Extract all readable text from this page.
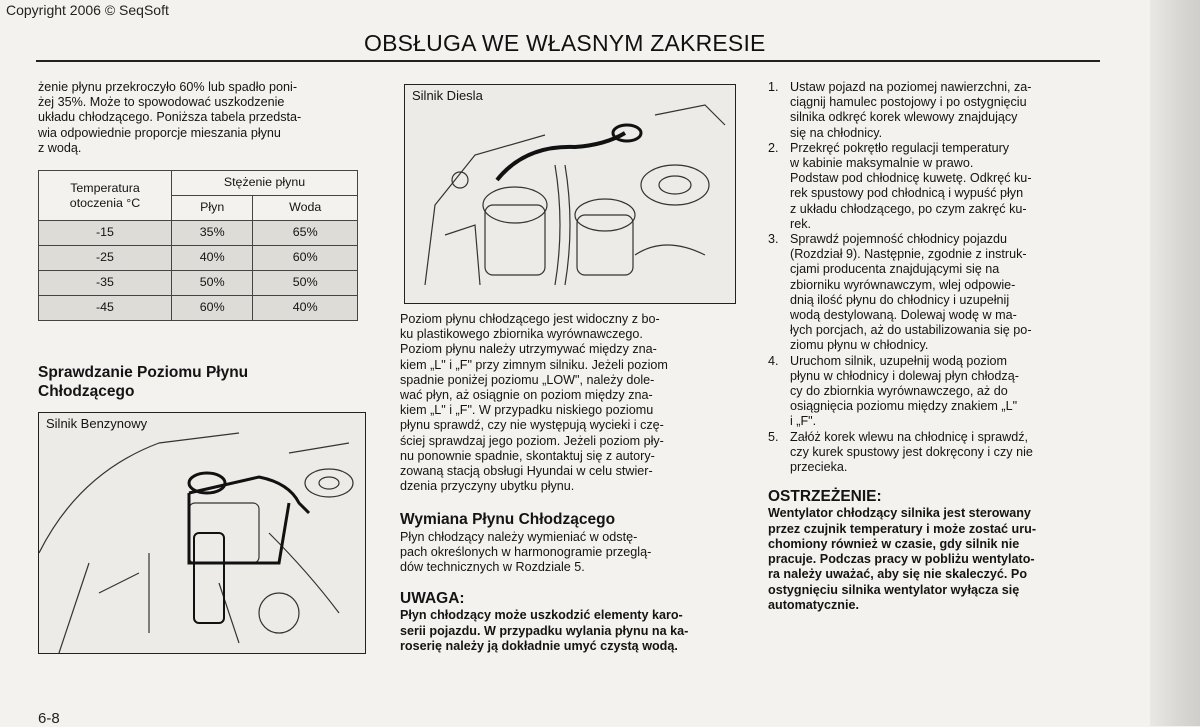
Copyright 2006 © SeqSoft
OBSŁUGA WE WŁASNYM ZAKRESIE
żenie płynu przekroczyło 60% lub spadło poni-
żej 35%. Może to spowodować uszkodzenie
układu chłodzącego. Poniższa tabela przedsta-
wia odpowiednie proporcje mieszania płynu
z wodą.
Temperatura
otoczenia °C	Stężenie płynu	
	Płyn	Woda
-15	35%	65%
-25	40%	60%
-35	50%	50%
-45	60%	40%
Sprawdzanie Poziomu Płynu
Chłodzącego
Silnik Diesla
Silnik Benzynowy
Poziom płynu chłodzącego jest widoczny z bo-
ku plastikowego zbiornika wyrównawczego.
Poziom płynu należy utrzymywać między zna-
kiem „L" i „F" przy zimnym silniku. Jeżeli poziom
spadnie poniżej poziomu „LOW", należy dole-
wać płyn, aż osiągnie on poziom między zna-
kiem „L" i „F". W przypadku niskiego poziomu
płynu sprawdź, czy nie występują wycieki i czę-
ściej sprawdzaj jego poziom. Jeżeli poziom pły-
nu ponownie spadnie, skontaktuj się z autory-
zowaną stacją obsługi Hyundai w celu stwier-
dzenia przyczyny ubytku płynu.
Wymiana Płynu Chłodzącego
Płyn chłodzący należy wymieniać w odstę-
pach określonych w harmonogramie przeglą-
dów technicznych w Rozdziale 5.
UWAGA:
Płyn chłodzący może uszkodzić elementy karo-
serii pojazdu. W przypadku wylania płynu na ka-
roserię należy ją dokładnie umyć czystą wodą.
1. Ustaw pojazd na poziomej nawierzchni, za-
ciągnij hamulec postojowy i po ostygnięciu
silnika odkręć korek wlewowy znajdujący
się na chłodnicy.
2. Przekręć pokrętło regulacji temperatury
w kabinie maksymalnie w prawo.
Podstaw pod chłodnicę kuwetę. Odkręć ku-
rek spustowy pod chłodnicą i wypuść płyn
z układu chłodzącego, po czym zakręć ku-
rek.
3. Sprawdź pojemność chłodnicy pojazdu
(Rozdział 9). Następnie, zgodnie z instruk-
cjami producenta znajdującymi się na
zbiorniku wyrównawczym, wlej odpowie-
dnią ilość płynu do chłodnicy i uzupełnij
wodą destylowaną. Dolewaj wodę w ma-
łych porcjach, aż do ustabilizowania się po-
ziomu płynu w chłodnicy.
4. Uruchom silnik, uzupełnij wodą poziom
płynu w chłodnicy i dolewaj płyn chłodzą-
cy do zbiornkia wyrównawczego, aż do
osiągnięcia poziomu między znakiem „L"
i „F".
5. Załóż korek wlewu na chłodnicę i sprawdź,
czy kurek spustowy jest dokręcony i czy nie
przecieka.
OSTRZEŻENIE:
Wentylator chłodzący silnika jest sterowany
przez czujnik temperatury i może zostać uru-
chomiony również w czasie, gdy silnik nie
pracuje. Podczas pracy w pobliżu wentylato-
ra należy uważać, aby się nie skaleczyć. Po
ostygnięciu silnika wentylator wyłącza się
automatycznie.
6-8
